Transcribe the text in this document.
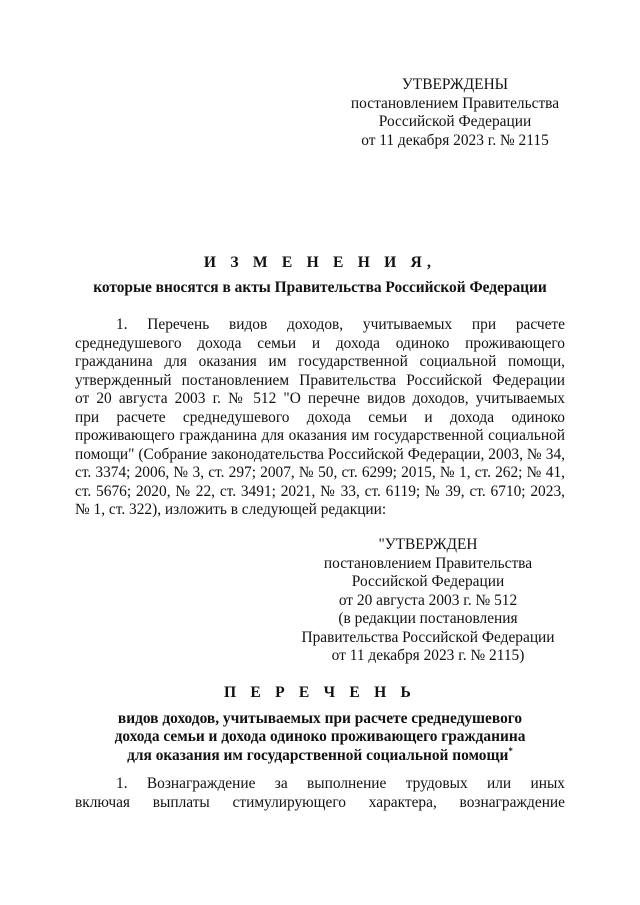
УТВЕРЖДЕНЫ
постановлением Правительства
Российской Федерации
от 11 декабря 2023 г. № 2115
И З М Е Н Е Н И Я,
которые вносятся в акты Правительства Российской Федерации
1. Перечень видов доходов, учитываемых при расчете
среднедушевого дохода семьи и дохода одиноко проживающего
гражданина для оказания им государственной социальной помощи,
утвержденный постановлением Правительства Российской Федерации
от 20 августа 2003 г. № 512 "О перечне видов доходов, учитываемых
при расчете среднедушевого дохода семьи и дохода одиноко
проживающего гражданина для оказания им государственной социальной
помощи" (Собрание законодательства Российской Федерации, 2003, № 34,
ст. 3374; 2006, № 3, ст. 297; 2007, № 50, ст. 6299; 2015, № 1, ст. 262; № 41,
ст. 5676; 2020, № 22, ст. 3491; 2021, № 33, ст. 6119; № 39, ст. 6710; 2023,
№ 1, ст. 322), изложить в следующей редакции:
"УТВЕРЖДЕН
постановлением Правительства
Российской Федерации
от 20 августа 2003 г. № 512
(в редакции постановления
Правительства Российской Федерации
от 11 декабря 2023 г. № 2115)
П Е Р Е Ч Е Н Ь
видов доходов, учитываемых при расчете среднедушевого
дохода семьи и дохода одиноко проживающего гражданина
для оказания им государственной социальной помощи*
1. Вознаграждение за выполнение трудовых или иных
включая выплаты стимулирующего характера, вознаграждение
